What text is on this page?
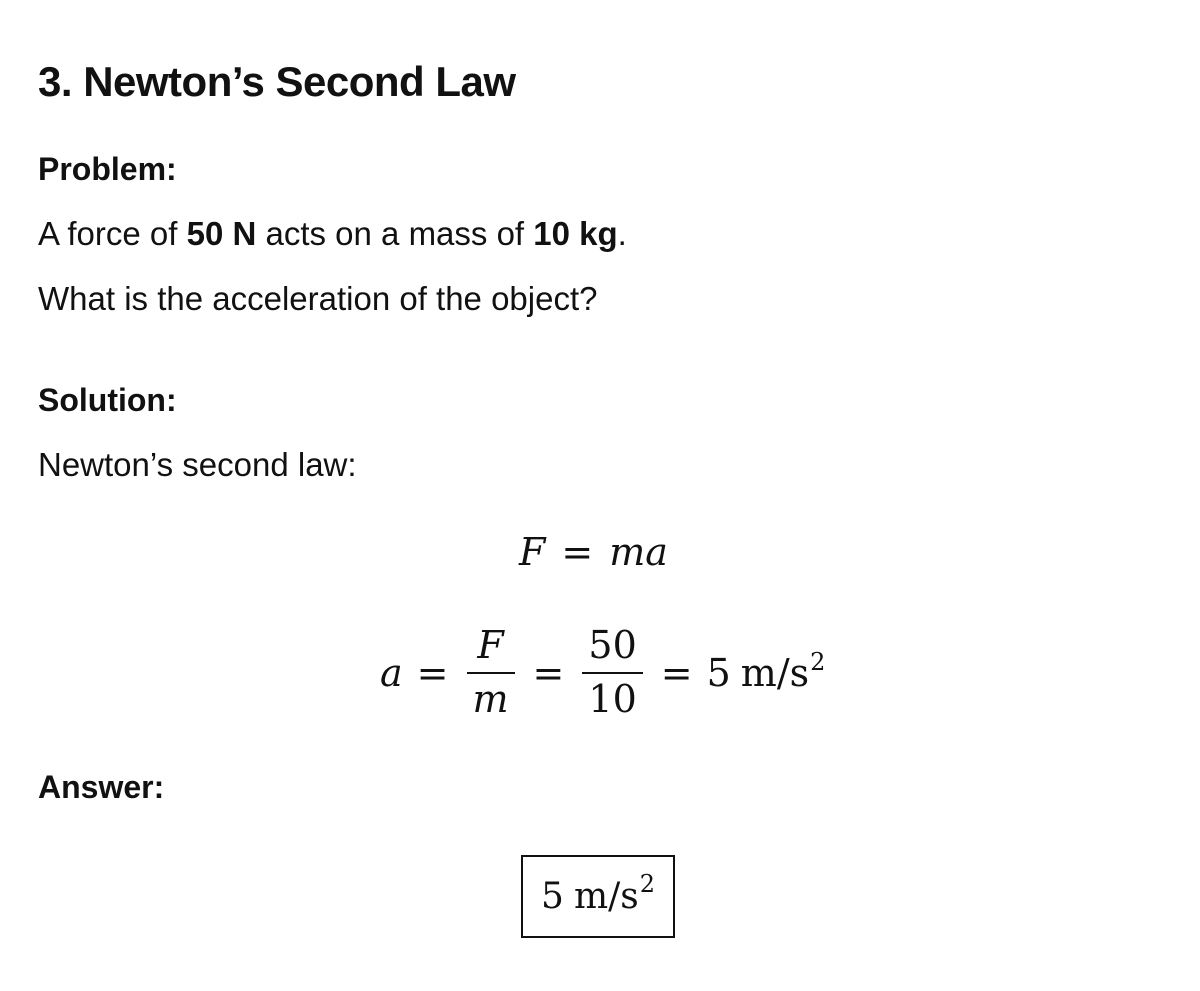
3. Newton’s Second Law
Problem:

A force of 50 N acts on a mass of 10 kg.

What is the acceleration of the object?

Solution:

Newton’s second law:

F = ma
$a = \frac{F}{m} = \frac{50}{10} = 5$ $m/s^2$
Answer:
5 $m/s^2$
